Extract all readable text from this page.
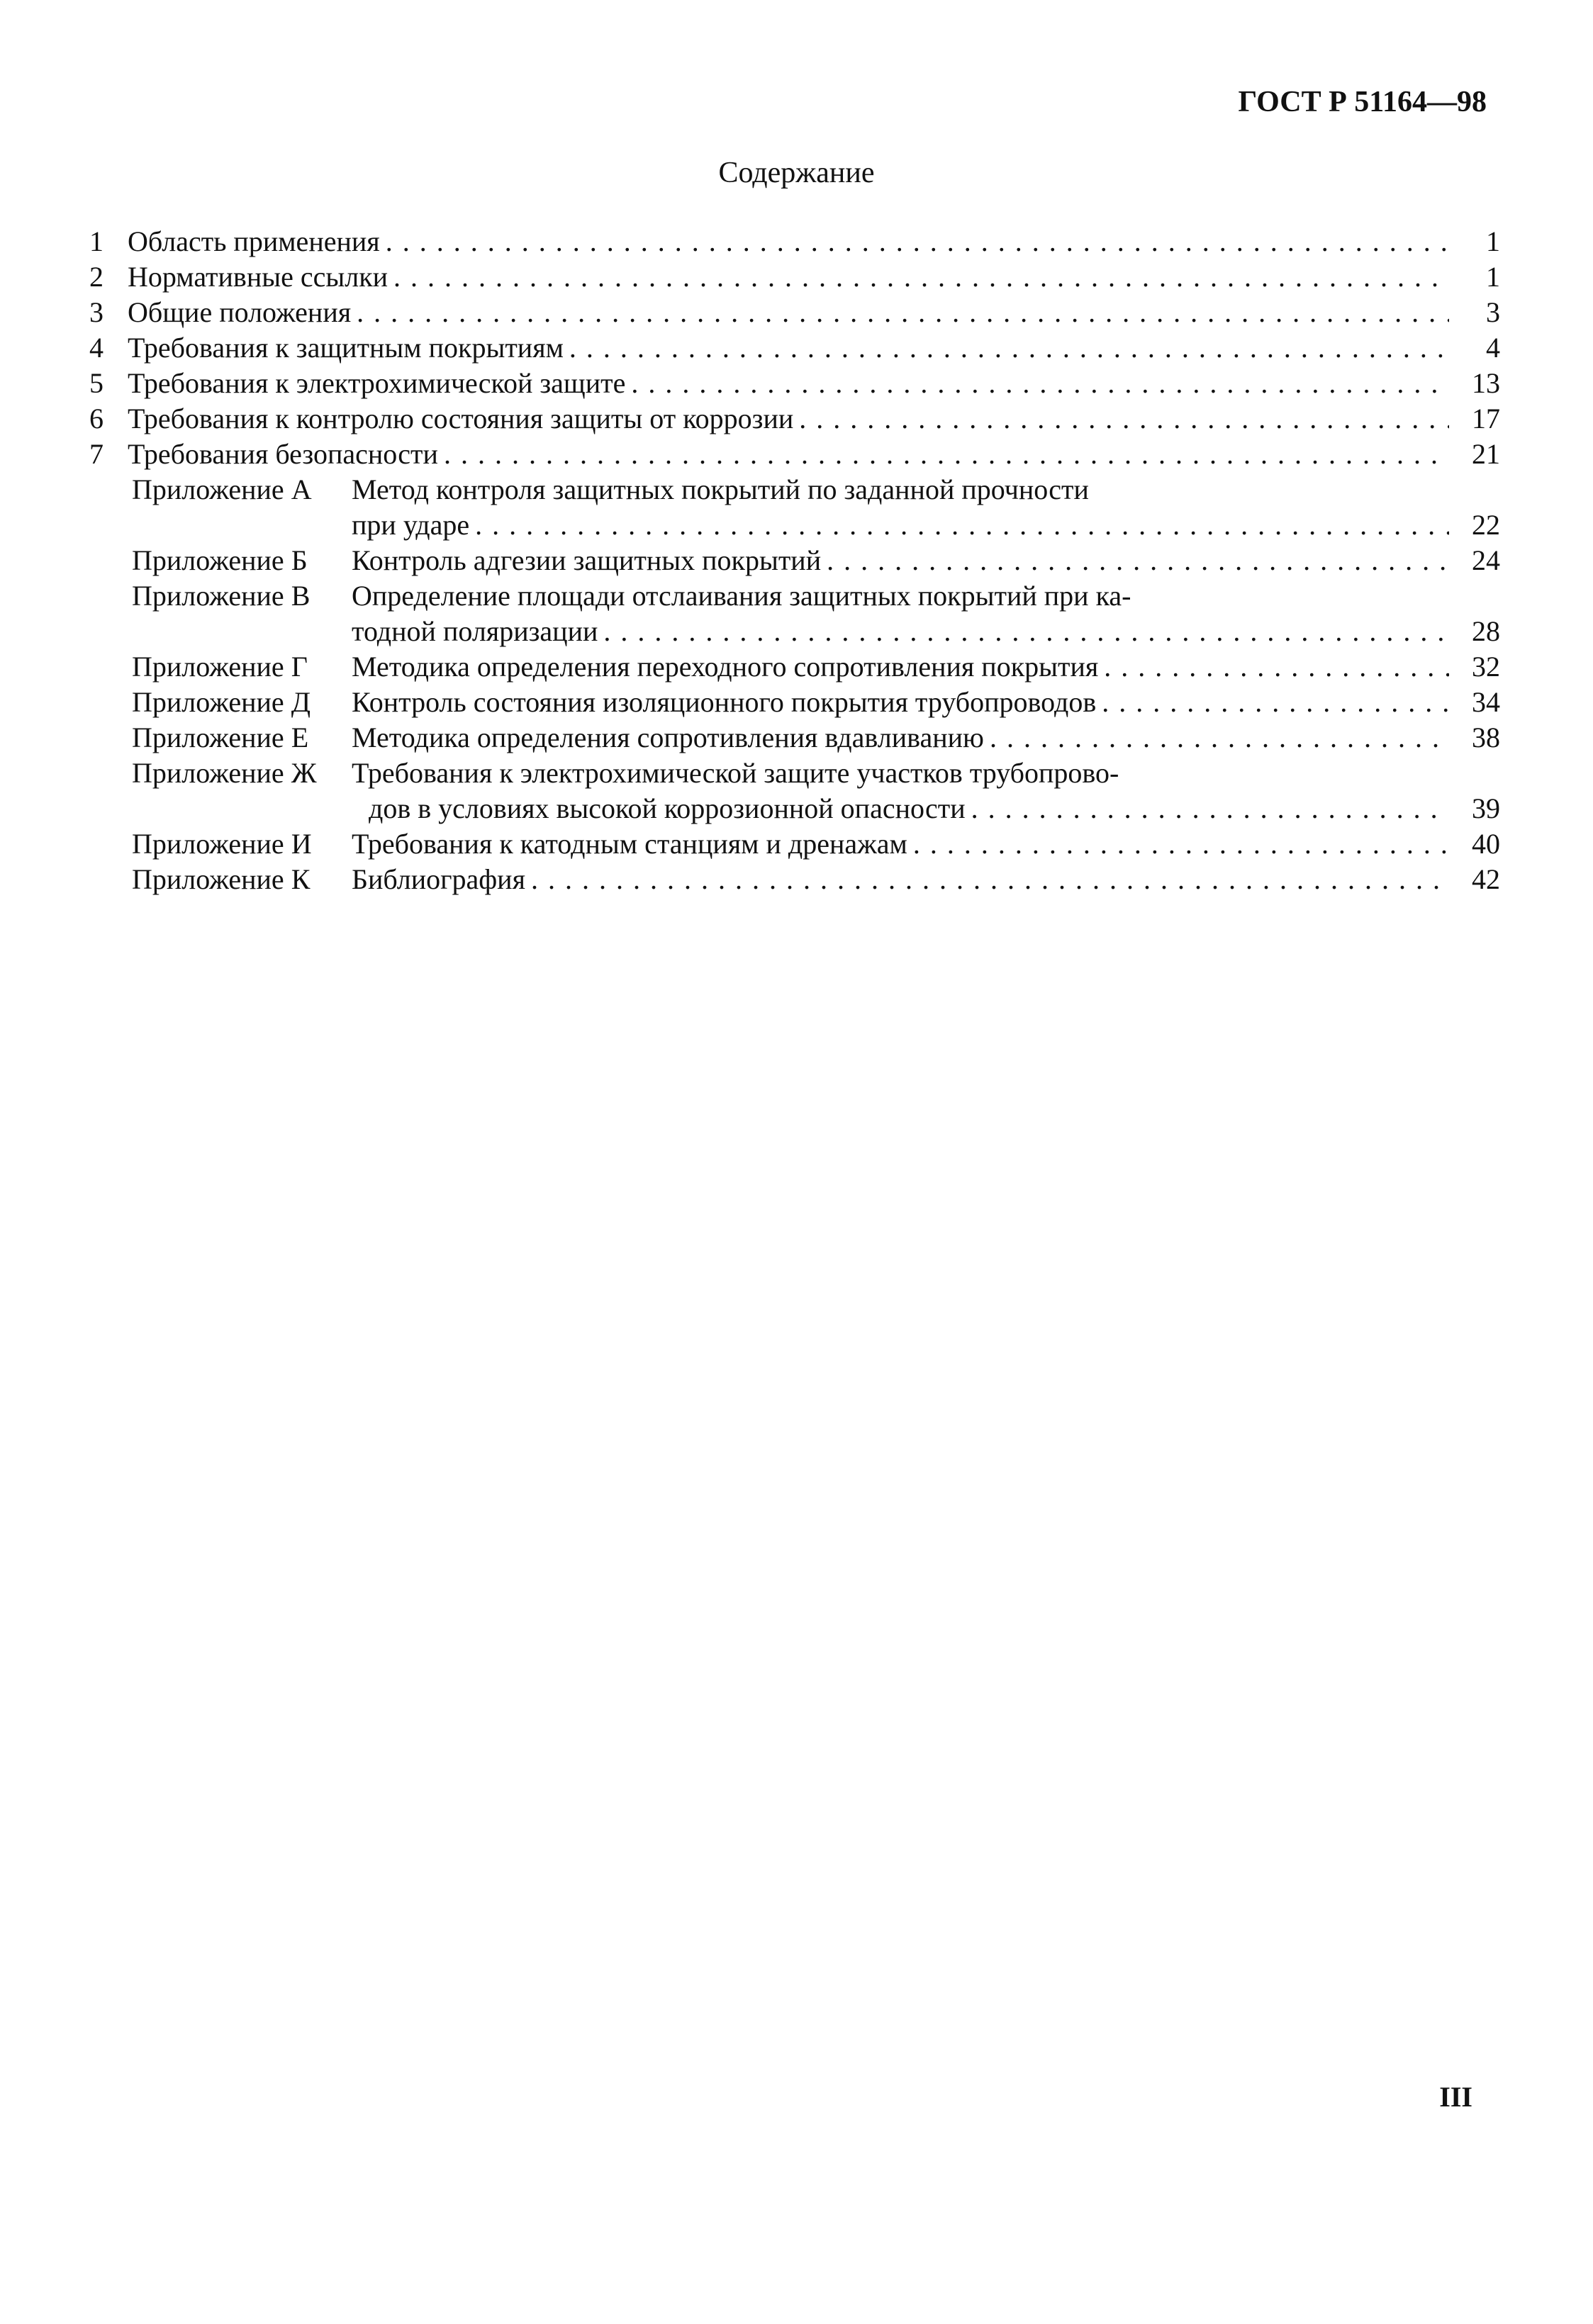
ГОСТ Р 51164—98
Содержание
1 Область применения . . .	1
2 Нормативные ссылки . . .	1
3 Общие положения . . .	3
4 Требования к защитным покрытиям . . .	4
5 Требования к электрохимической защите . . .	13
6 Требования к контролю состояния защиты от коррозии . . .	17
7 Требования безопасности . . .	21
Приложение А	Метод контроля защитных покрытий по заданной прочности
при ударе . . .	22
Приложение Б	Контроль адгезии защитных покрытий . . .	24
Приложение В	Определение площади отслаивания защитных покрытий при ка-
тодной поляризации . . .	28
Приложение Г	Методика определения переходного сопротивления покрытия . . .	32
Приложение Д	Контроль состояния изоляционного покрытия трубопроводов . . .	34
Приложение Е	Методика определения сопротивления вдавливанию . . .	38
Приложение Ж	Требования к электрохимической защите участков трубопрово-
дов в условиях высокой коррозионной опасности . . .	39
Приложение И	Требования к катодным станциям и дренажам . . .	40
Приложение К	Библиография . . .	42
III
